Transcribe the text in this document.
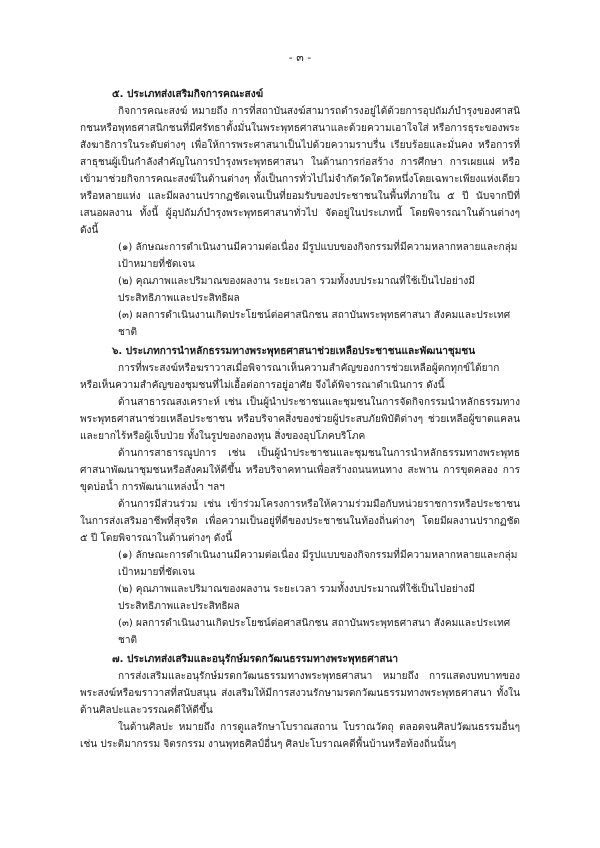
- ๓ -

๕. ประเภทส่งเสริมกิจการคณะสงฆ์

กิจการคณะสงฆ์ หมายถึง การที่สถาบันสงฆ์สามารถดำรงอยู่ได้ด้วยการอุปถัมภ์บำรุงของศาสนิกชนหรือพุทธศาสนิกชนที่มีศรัทธาตั้งมั่นในพระพุทธศาสนาและด้วยความเอาใจใส่ หรือการธุระของพระสังฆาธิการในระดับต่างๆ เพื่อให้การพระศาสนาเป็นไปด้วยความราบรื่น เรียบร้อยและมั่นคง หรือการที่สาธุชนผู้เป็นกำลังสำคัญในการบำรุงพระพุทธศาสนา ในด้านการก่อสร้าง การศึกษา การเผยแผ่ หรือเข้ามาช่วยกิจการคณะสงฆ์ในด้านต่างๆ ทั้งเป็นการทั่วไปไม่จำกัดวัดใดวัดหนึ่งโดยเฉพาะเพียงแห่งเดียวหรือหลายแห่ง และมีผลงานปรากฏชัดเจนเป็นที่ยอมรับของประชาชนในพื้นที่ภายใน ๕ ปี นับจากปีที่เสนอผลงาน ทั้งนี้ ผู้อุปถัมภ์บำรุงพระพุทธศาสนาทั่วไป จัดอยู่ในประเภทนี้ โดยพิจารณาในด้านต่างๆ ดังนี้

(๑) ลักษณะการดำเนินงานมีความต่อเนื่อง มีรูปแบบของกิจกรรมที่มีความหลากหลายและกลุ่มเป้าหมายที่ชัดเจน

(๒) คุณภาพและปริมาณของผลงาน ระยะเวลา รวมทั้งงบประมาณที่ใช้เป็นไปอย่างมีประสิทธิภาพและประสิทธิผล

(๓) ผลการดำเนินงานเกิดประโยชน์ต่อศาสนิกชน สถาบันพระพุทธศาสนา สังคมและประเทศชาติ

๖. ประเภทการนำหลักธรรมทางพระพุทธศาสนาช่วยเหลือประชาชนและพัฒนาชุมชน

การที่พระสงฆ์หรือฆราวาสเมื่อพิจารณาเห็นความสำคัญของการช่วยเหลือผู้ตกทุกข์ได้ยาก หรือเห็นความสำคัญของชุมชนที่ไม่เอื้อต่อการอยู่อาศัย จึงได้พิจารณาดำเนินการ ดังนี้

ด้านสาธารณสงเคราะห์ เช่น เป็นผู้นำประชาชนและชุมชนในการจัดกิจกรรมนำหลักธรรมทางพระพุทธศาสนาช่วยเหลือประชาชน หรือบริจาคสิ่งของช่วยผู้ประสบภัยพิบัติต่างๆ ช่วยเหลือผู้ขาดแคลนและยากไร้หรือผู้เจ็บป่วย ทั้งในรูปของกองทุน สิ่งของอุปโภคบริโภค

ด้านการสาธารณูปการ เช่น เป็นผู้นำประชาชนและชุมชนในการนำหลักธรรมทางพระพุทธศาสนาพัฒนาชุมชนหรือสังคมให้ดีขึ้น หรือบริจาคทานเพื่อสร้างถนนหนทาง สะพาน การขุดคลอง การขุดบ่อน้ำ การพัฒนาแหล่งน้ำ ฯลฯ

ด้านการมีส่วนร่วม เช่น เข้าร่วมโครงการหรือให้ความร่วมมือกับหน่วยราชการหรือประชาชนในการส่งเสริมอาชีพที่สุจริต เพื่อความเป็นอยู่ที่ดีของประชาชนในท้องถิ่นต่างๆ โดยมีผลงานปรากฏชัด ๕ ปี โดยพิจารณาในด้านต่างๆ ดังนี้

(๑) ลักษณะการดำเนินงานมีความต่อเนื่อง มีรูปแบบของกิจกรรมที่มีความหลากหลายและกลุ่มเป้าหมายที่ชัดเจน

(๒) คุณภาพและปริมาณของผลงาน ระยะเวลา รวมทั้งงบประมาณที่ใช้เป็นไปอย่างมีประสิทธิภาพและประสิทธิผล

(๓) ผลการดำเนินงานเกิดประโยชน์ต่อศาสนิกชน สถาบันพระพุทธศาสนา สังคมและประเทศชาติ

๗. ประเภทส่งเสริมและอนุรักษ์มรดกวัฒนธรรมทางพระพุทธศาสนา

การส่งเสริมและอนุรักษ์มรดกวัฒนธรรมทางพระพุทธศาสนา หมายถึง การแสดงบทบาทของพระสงฆ์หรือฆราวาสที่สนับสนุน ส่งเสริมให้มีการสงวนรักษามรดกวัฒนธรรมทางพระพุทธศาสนา ทั้งในด้านศิลปะและวรรณคดีให้ดีขึ้น

ในด้านศิลปะ หมายถึง การดูแลรักษาโบราณสถาน โบราณวัตถุ ตลอดจนศิลปวัฒนธรรมอื่นๆ เช่น ประติมากรรม จิตรกรรม งานพุทธศิลป์อื่นๆ ศิลปะโบราณคดีพื้นบ้านหรือท้องถิ่นนั้นๆ
